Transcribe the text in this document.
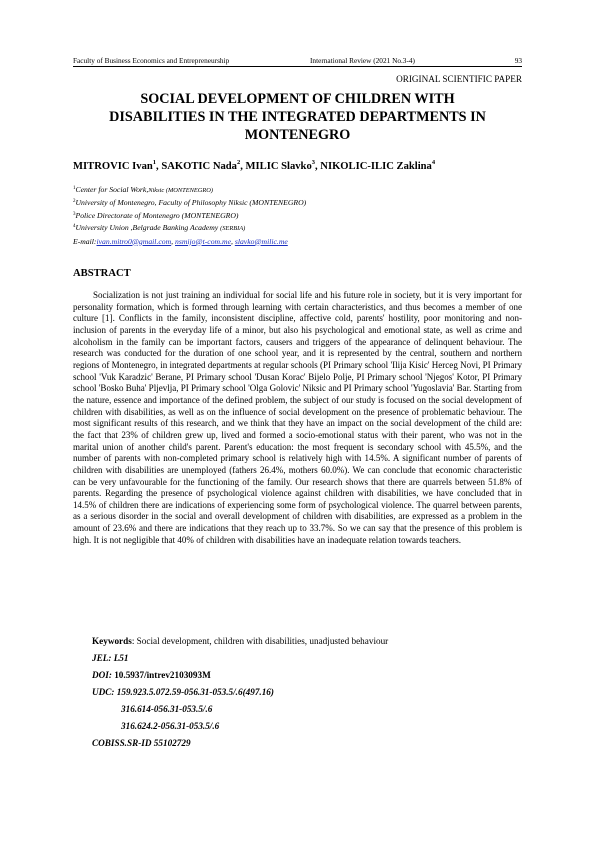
Faculty of Business Economics and Entrepreneurship	International Review (2021 No.3-4)	93
ORIGINAL SCIENTIFIC PAPER
SOCIAL DEVELOPMENT OF CHILDREN WITH
DISABILITIES IN THE INTEGRATED DEPARTMENTS IN
MONTENEGRO
MITROVIC Ivan$^1$, SAKOTIC Nada$^2$, MILIC Slavko$^3$, NIKOLIC-ILIC Zaklina$^4$
$^1$Center for Social Work,Niksic (MONTENEGRO)
$^2$University of Montenegro, Faculty of Philosophy Niksic (MONTENEGRO)
$^3$Police Directorate of Montenegro (MONTENEGRO)
$^4$University Union ,Belgrade Banking Academy (SERBIA)
E-mail:ivan.mitro0@gmail.com, nsmijo@t-com.me, slavko@milic.me
ABSTRACT

Socialization is not just training an individual for social life and his future role in society, but it is very important for personality formation, which is formed through learning with certain characteristics, and thus becomes a member of one culture [1]. Conflicts in the family, inconsistent discipline, affective cold, parents' hostility, poor monitoring and non-inclusion of parents in the everyday life of a minor, but also his psychological and emotional state, as well as crime and alcoholism in the family can be important factors, causers and triggers of the appearance of delinquent behaviour. The research was conducted for the duration of one school year, and it is represented by the central, southern and northern regions of Montenegro, in integrated departments at regular schools (PI Primary school 'Ilija Kisic' Herceg Novi, PI Primary school 'Vuk Karadzic' Berane, PI Primary school 'Dusan Korac' Bijelo Polje, PI Primary school 'Njegos' Kotor, PI Primary school 'Bosko Buha' Pljevlja, PI Primary school 'Olga Golovic' Niksic and PI Primary school 'Yugoslavia' Bar. Starting from the nature, essence and importance of the defined problem, the subject of our study is focused on the social development of children with disabilities, as well as on the influence of social development on the presence of problematic behaviour. The most significant results of this research, and we think that they have an impact on the social development of the child are: the fact that 23% of children grew up, lived and formed a socio-emotional status with their parent, who was not in the marital union of another child's parent. Parent's education: the most frequent is secondary school with 45.5%, and the number of parents with non-completed primary school is relatively high with 14.5%. A significant number of parents of children with disabilities are unemployed (fathers 26.4%, mothers 60.0%). We can conclude that economic characteristic can be very unfavourable for the functioning of the family. Our research shows that there are quarrels between 51.8% of parents. Regarding the presence of psychological violence against children with disabilities, we have concluded that in 14.5% of children there are indications of experiencing some form of psychological violence. The quarrel between parents, as a serious disorder in the social and overall development of children with disabilities, are expressed as a problem in the amount of 23.6% and there are indications that they reach up to 33.7%. So we can say that the presence of this problem is high. It is not negligible that 40% of children with disabilities have an inadequate relation towards teachers.

Keywords: Social development, children with disabilities, unadjusted behaviour
JEL: L51
DOI: 10.5937/intrev2103093M
UDC: 159.923.5.072.59-056.31-053.5/.6(497.16)
316.614-056.31-053.5/.6
316.624.2-056.31-053.5/.6
COBISS.SR-ID 55102729
